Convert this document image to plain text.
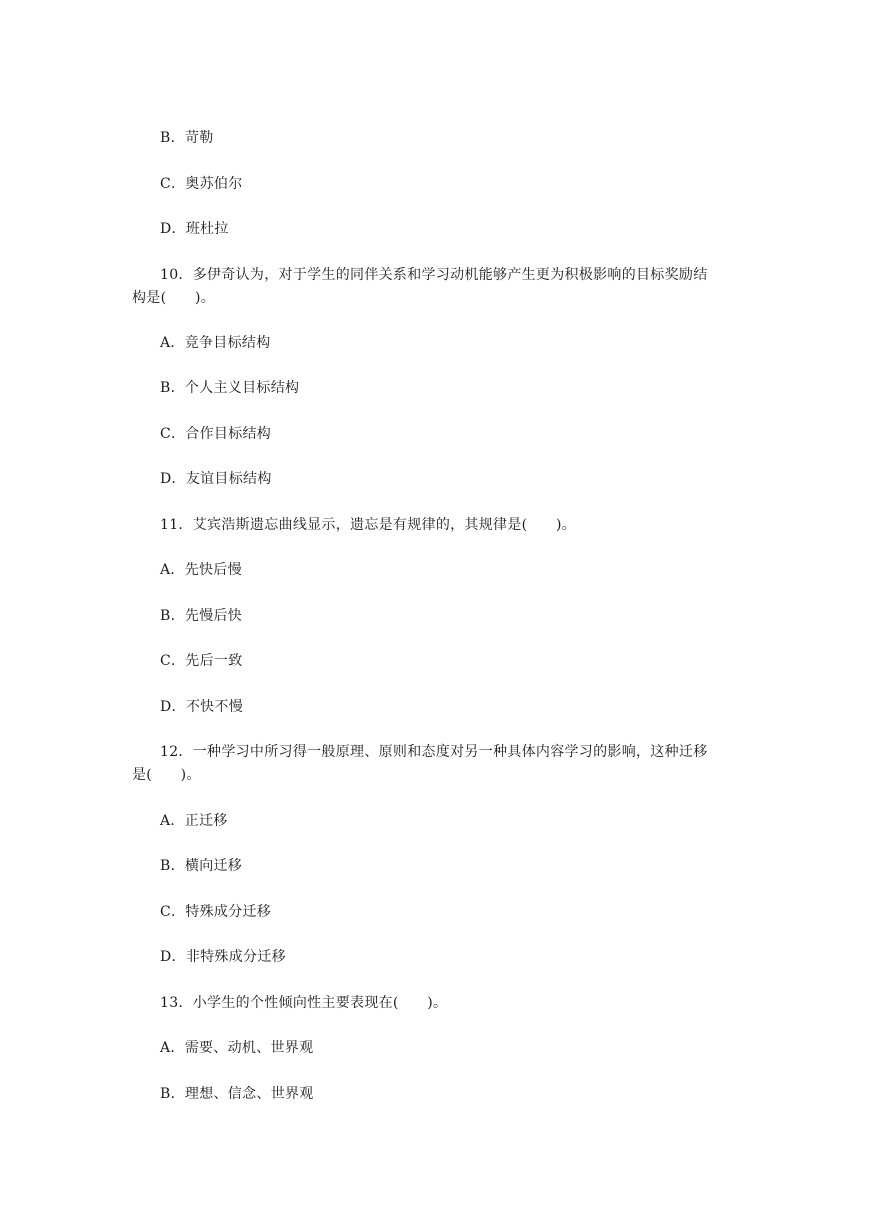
B．苛勒
C．奥苏伯尔
D．班杜拉
10．多伊奇认为，对于学生的同伴关系和学习动机能够产生更为积极影响的目标奖励结
构是(　　)。
A．竞争目标结构
B．个人主义目标结构
C．合作目标结构
D．友谊目标结构
11．艾宾浩斯遗忘曲线显示，遗忘是有规律的，其规律是(　　)。
A．先快后慢
B．先慢后快
C．先后一致
D．不快不慢
12．一种学习中所习得一般原理、原则和态度对另一种具体内容学习的影响，这种迁移
是(　　)。
A．正迁移
B．横向迁移
C．特殊成分迁移
D．非特殊成分迁移
13．小学生的个性倾向性主要表现在(　　)。
A．需要、动机、世界观
B．理想、信念、世界观
